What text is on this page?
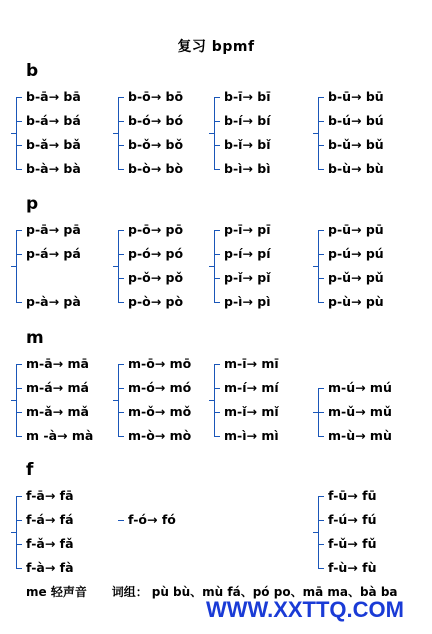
复习 bpmf
b
b-ā→ bā
b-á→ bá
b-ǎ→ bǎ
b-à→ bà
b-ō→ bō
b-ó→ bó
b-ǒ→ bǒ
b-ò→ bò
b-ī→ bī
b-í→ bí
b-ǐ→ bǐ
b-ì→ bì
b-ū→ bū
b-ú→ bú
b-ǔ→ bǔ
b-ù→ bù
p
p-ā→ pā
p-á→ pá
p-à→ pà
p-ō→ pō
p-ó→ pó
p-ǒ→ pǒ
p-ò→ pò
p-ī→ pī
p-í→ pí
p-ǐ→ pǐ
p-ì→ pì
p-ū→ pū
p-ú→ pú
p-ǔ→ pǔ
p-ù→ pù
m
m-ā→ mā
m-á→ má
m-ǎ→ mǎ
m -à→ mà
m-ō→ mō
m-ó→ mó
m-ǒ→ mǒ
m-ò→ mò
m-ī→ mī
m-í→ mí
m-ǐ→ mǐ
m-ì→ mì
m-ú→ mú
m-ǔ→ mǔ
m-ù→ mù
f
f-ā→ fā
f-á→ fá
f-ǎ→ fǎ
f-à→ fà
f-ó→ fó
f-ū→ fū
f-ú→ fú
f-ǔ→ fǔ
f-ù→ fù
me 轻声音 词组： pù bù、mù fá、pó po、mā ma、bà ba
WWW.XXTTQ.COM
